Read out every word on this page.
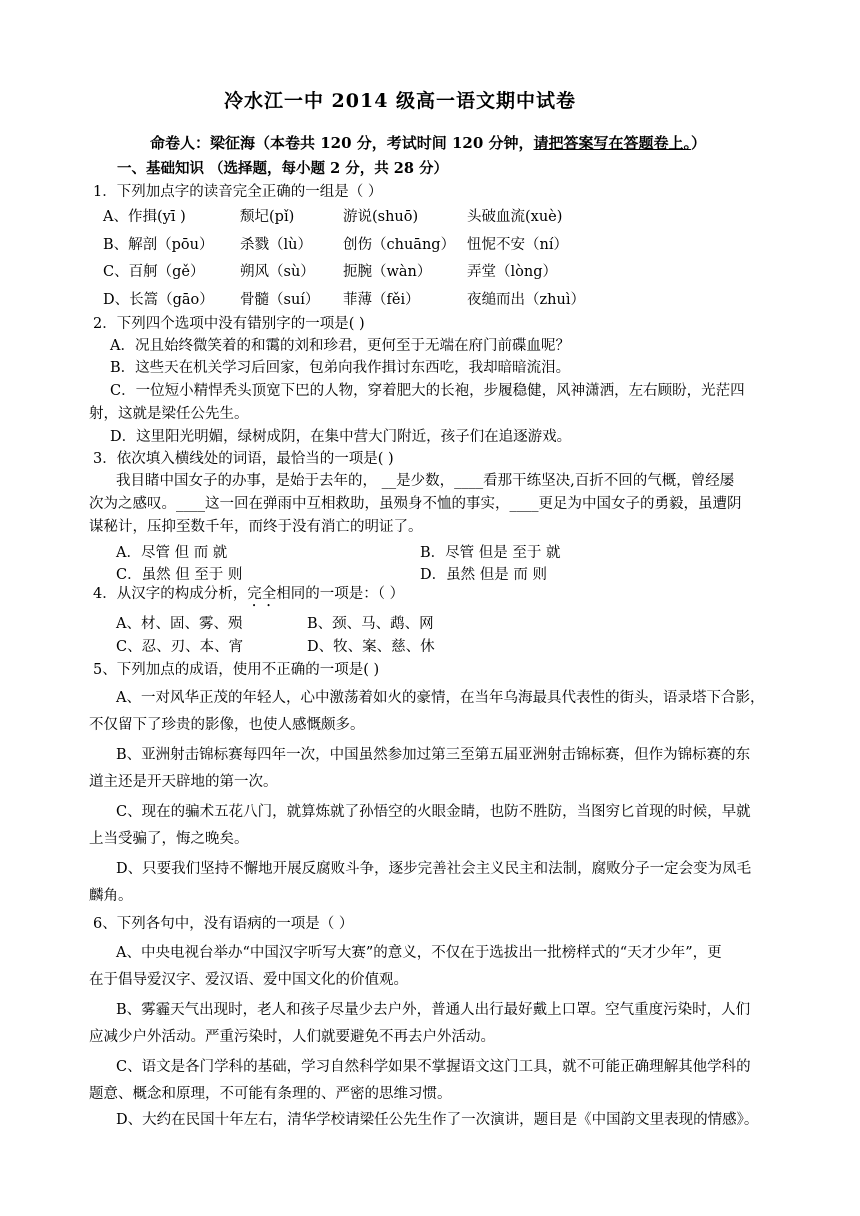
冷水江一中 2014 级高一语文期中试卷
命卷人：梁征海（本卷共 120 分，考试时间 120 分钟，请把答案写在答题卷上。）
一、基础知识 （选择题，每小题 2 分，共 28 分）
1．下列加点字的读音完全正确的一组是（ ）
A、作揖(yī )	颓圮(pǐ)	游说(shuō)	头破血流(xuè)
B、解剖（pōu） 杀戮（lù） 创伤（chuāng） 忸怩不安（ní）
C、百舸（gě） 朔风（sù） 扼腕（wàn） 弄堂（lòng）
D、长篙（gāo） 骨髓（suí） 菲薄（fěi）	夜缒而出（zhuì）
2．下列四个选项中没有错别字的一项是( )
A．况且始终微笑着的和霭的刘和珍君，更何至于无端在府门前碟血呢？
B．这些天在机关学习后回家，包弟向我作揖讨东西吃，我却暗暗流泪。
C．一位短小精悍秃头顶宽下巴的人物，穿着肥大的长袍，步履稳健，风神潇洒，左右顾盼，光茫四
射，这就是梁任公先生。
D．这里阳光明媚，绿树成阴，在集中营大门附近，孩子们在追逐游戏。
3．依次填入横线处的词语，最恰当的一项是( )
我目睹中国女子的办事，是始于去年的， __是少数，____看那干练坚决,百折不回的气概，曾经屡
次为之感叹。____这一回在弹雨中互相救助，虽殒身不恤的事实，____更足为中国女子的勇毅，虽遭阴
谋秘计，压抑至数千年，而终于没有消亡的明证了。
A．尽管 但 而 就	B．尽管 但是 至于 就
C．虽然 但 至于 则	D．虽然 但是 而 则
4．从汉字的构成分析，完全相同的一项是：（ ）
A、材、固、雾、殒	B、颈、马、鹉、网
C、忍、刃、本、宵	D、牧、案、慈、休
5、下列加点的成语，使用不正确的一项是( )
A、一对风华正茂的年轻人，心中激荡着如火的豪情，在当年乌海最具代表性的街头，语录塔下合影，
不仅留下了珍贵的影像，也使人感慨颇多。
B、亚洲射击锦标赛每四年一次，中国虽然参加过第三至第五届亚洲射击锦标赛，但作为锦标赛的东
道主还是开天辟地的第一次。
C、现在的骗术五花八门，就算炼就了孙悟空的火眼金睛，也防不胜防，当图穷匕首现的时候，早就
上当受骗了，悔之晚矣。
D、只要我们坚持不懈地开展反腐败斗争，逐步完善社会主义民主和法制，腐败分子一定会变为凤毛
麟角。
6、下列各句中，没有语病的一项是（ ）
A、中央电视台举办“中国汉字听写大赛”的意义，不仅在于选拔出一批榜样式的“天才少年”，更
在于倡导爱汉字、爱汉语、爱中国文化的价值观。
B、雾霾天气出现时，老人和孩子尽量少去户外，普通人出行最好戴上口罩。空气重度污染时，人们
应减少户外活动。严重污染时，人们就要避免不再去户外活动。
C、语文是各门学科的基础，学习自然科学如果不掌握语文这门工具，就不可能正确理解其他学科的
题意、概念和原理，不可能有条理的、严密的思维习惯。
D、大约在民国十年左右，清华学校请梁任公先生作了一次演讲，题目是《中国韵文里表现的情感》。
